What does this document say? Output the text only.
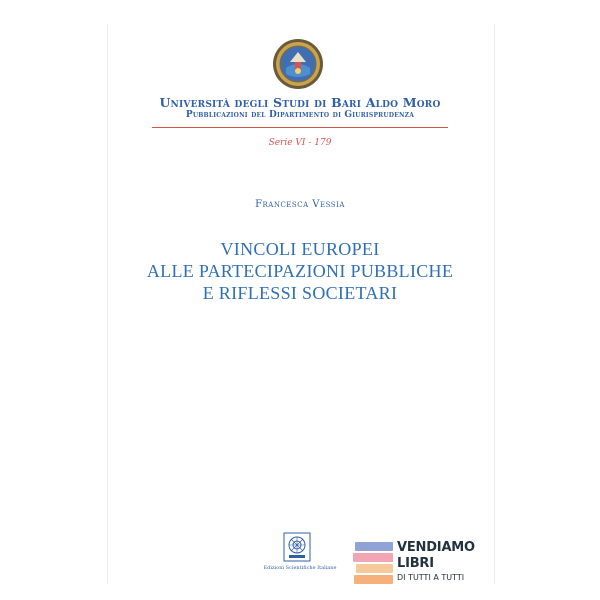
Università degli Studi di Bari Aldo Moro
Pubblicazioni del Dipartimento di Giurisprudenza
Serie VI - 179
Francesca Vessia
VINCOLI EUROPEI
ALLE PARTECIPAZIONI PUBBLICHE
E RIFLESSI SOCIETARI
Edizioni Scientifiche Italiane
VENDIAMO
LIBRI
DI TUTTI A TUTTI
